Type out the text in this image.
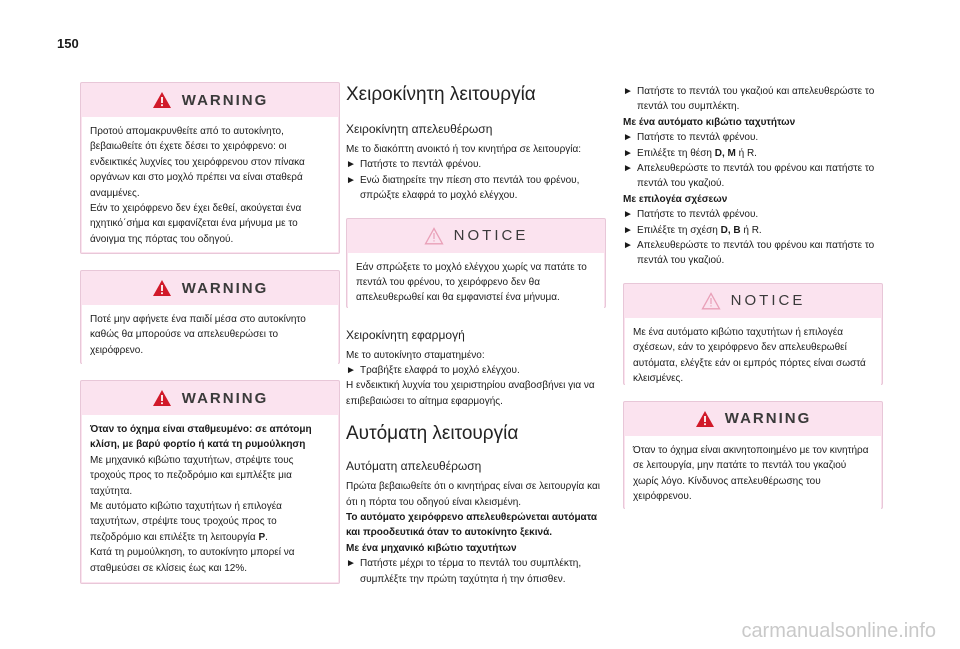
150
WARNING

Προτού απομακρυνθείτε από το αυτοκίνητο, βεβαιωθείτε ότι έχετε δέσει το χειρόφρενο: οι ενδεικτικές λυχνίες του χειρόφρενου στον πίνακα οργάνων και στο μοχλό πρέπει να είναι σταθερά αναμμένες.

Εάν το χειρόφρενο δεν έχει δεθεί, ακούγεται ένα ηχητικό΄σήμα και εμφανίζεται ένα μήνυμα με το άνοιγμα της πόρτας του οδηγού.

WARNING

Ποτέ μην αφήνετε ένα παιδί μέσα στο αυτοκίνητο καθώς θα μπορούσε να απελευθερώσει το χειρόφρενο.

WARNING

Όταν το όχημα είναι σταθμευμένο: σε απότομη κλίση, με βαρύ φορτίο ή κατά τη ρυμούλκηση

Με μηχανικό κιβώτιο ταχυτήτων, στρέψτε τους τροχούς προς το πεζοδρόμιο και εμπλέξτε μια ταχύτητα.

Με αυτόματο κιβώτιο ταχυτήτων ή επιλογέα ταχυτήτων, στρέψτε τους τροχούς προς το πεζοδρόμιο και επιλέξτε τη λειτουργία P.

Κατά τη ρυμούλκηση, το αυτοκίνητο μπορεί να σταθμεύσει σε κλίσεις έως και 12%.

Χειροκίνητη λειτουργία
Χειροκίνητη απελευθέρωση

Με το διακόπτη ανοικτό ή τον κινητήρα σε λειτουργία:

► Πατήστε το πεντάλ φρένου.
► Ενώ διατηρείτε την πίεση στο πεντάλ του φρένου, σπρώξτε ελαφρά το μοχλό ελέγχου.
NOTICE

Εάν σπρώξετε το μοχλό ελέγχου χωρίς να πατάτε το πεντάλ του φρένου, το χειρόφρενο δεν θα απελευθερωθεί και θα εμφανιστεί ένα μήνυμα.

Χειροκίνητη εφαρμογή

Με το αυτοκίνητο σταματημένο:

► Τραβήξτε ελαφρά το μοχλό ελέγχου.

Η ενδεικτική λυχνία του χειριστηρίου αναβοσβήνει για να επιβεβαιώσει το αίτημα εφαρμογής.

Αυτόματη λειτουργία
Αυτόματη απελευθέρωση

Πρώτα βεβαιωθείτε ότι ο κινητήρας είναι σε λειτουργία και ότι η πόρτα του οδηγού είναι κλεισμένη.

Το αυτόματο χειρόφρενο απελευθερώνεται αυτόματα και προοδευτικά όταν το αυτοκίνητο ξεκινά.

Με ένα μηχανικό κιβώτιο ταχυτήτων

► Πατήστε μέχρι το τέρμα το πεντάλ του συμπλέκτη, συμπλέξτε την πρώτη ταχύτητα ή την όπισθεν.
► Πατήστε το πεντάλ του γκαζιού και απελευθερώστε το πεντάλ του συμπλέκτη.

Με ένα αυτόματο κιβώτιο ταχυτήτων

► Πατήστε το πεντάλ φρένου.
► Επιλέξτε τη θέση D, M ή R.
► Απελευθερώστε το πεντάλ του φρένου και πατήστε το πεντάλ του γκαζιού.

Με επιλογέα σχέσεων

► Πατήστε το πεντάλ φρένου.
► Επιλέξτε τη σχέση D, B ή R.
► Απελευθερώστε το πεντάλ του φρένου και πατήστε το πεντάλ του γκαζιού.
NOTICE

Με ένα αυτόματο κιβώτιο ταχυτήτων ή επιλογέα σχέσεων, εάν το χειρόφρενο δεν απελευθερωθεί αυτόματα, ελέγξτε εάν οι εμπρός πόρτες είναι σωστά κλεισμένες.

WARNING

Όταν το όχημα είναι ακινητοποιημένο με τον κινητήρα σε λειτουργία, μην πατάτε το πεντάλ του γκαζιού χωρίς λόγο. Κίνδυνος απελευθέρωσης του χειρόφρενου.

carmanualsonline.info
